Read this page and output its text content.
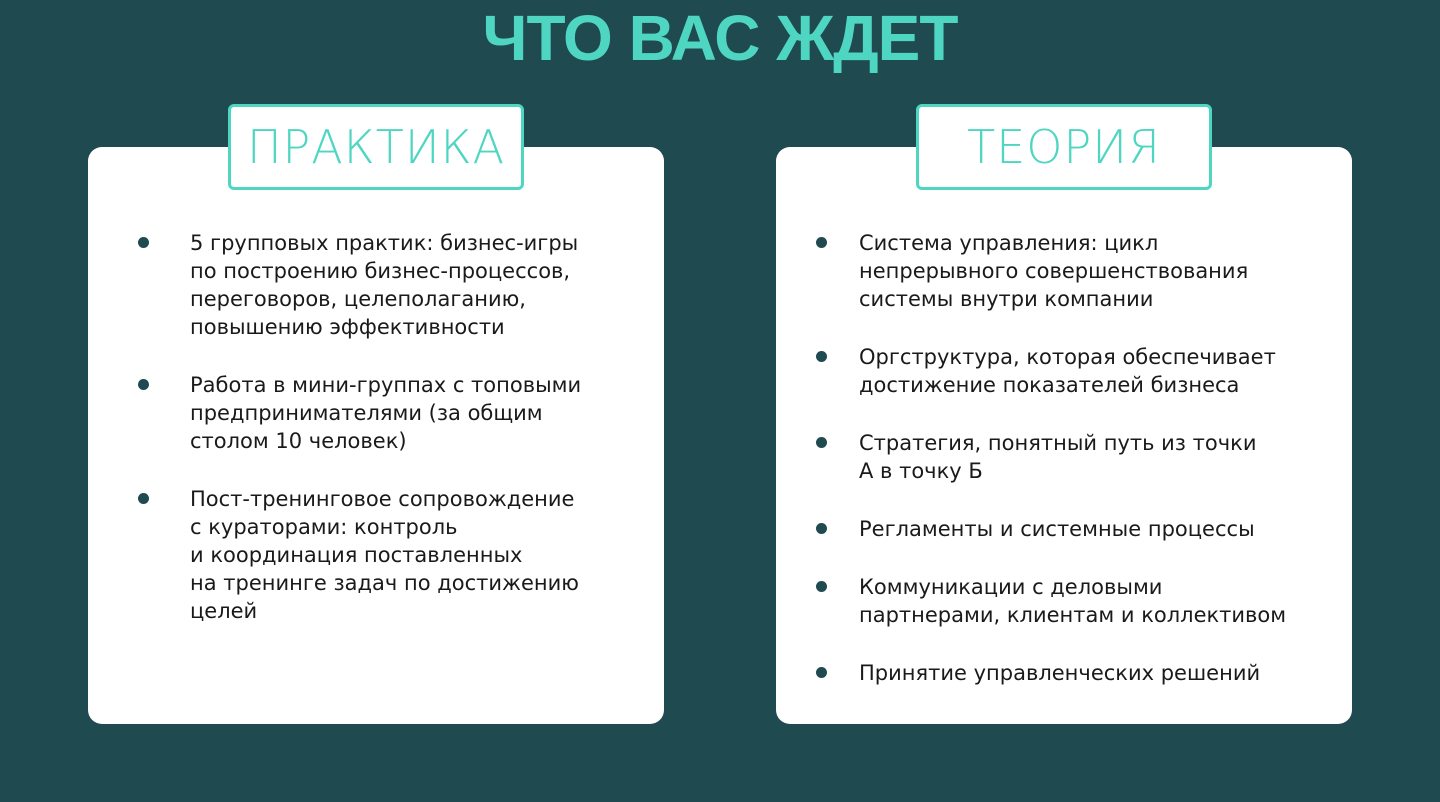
ЧТО ВАС ЖДЕТ
5 групповых практик: бизнес-игры
по построению бизнес-процессов,
переговоров, целеполаганию,
повышению эффективности
Работа в мини-группах с топовыми
предпринимателями (за общим
столом 10 человек)
Пост-тренинговое сопровождение
с кураторами: контроль
и координация поставленных
на тренинге задач по достижению
целей
ПРАКТИКА
Система управления: цикл
непрерывного совершенствования
системы внутри компании
Оргструктура, которая обеспечивает
достижение показателей бизнеса
Стратегия, понятный путь из точки
А в точку Б
Регламенты и системные процессы
Коммуникации с деловыми
партнерами, клиентам и коллективом
Принятие управленческих решений
ТЕОРИЯ
